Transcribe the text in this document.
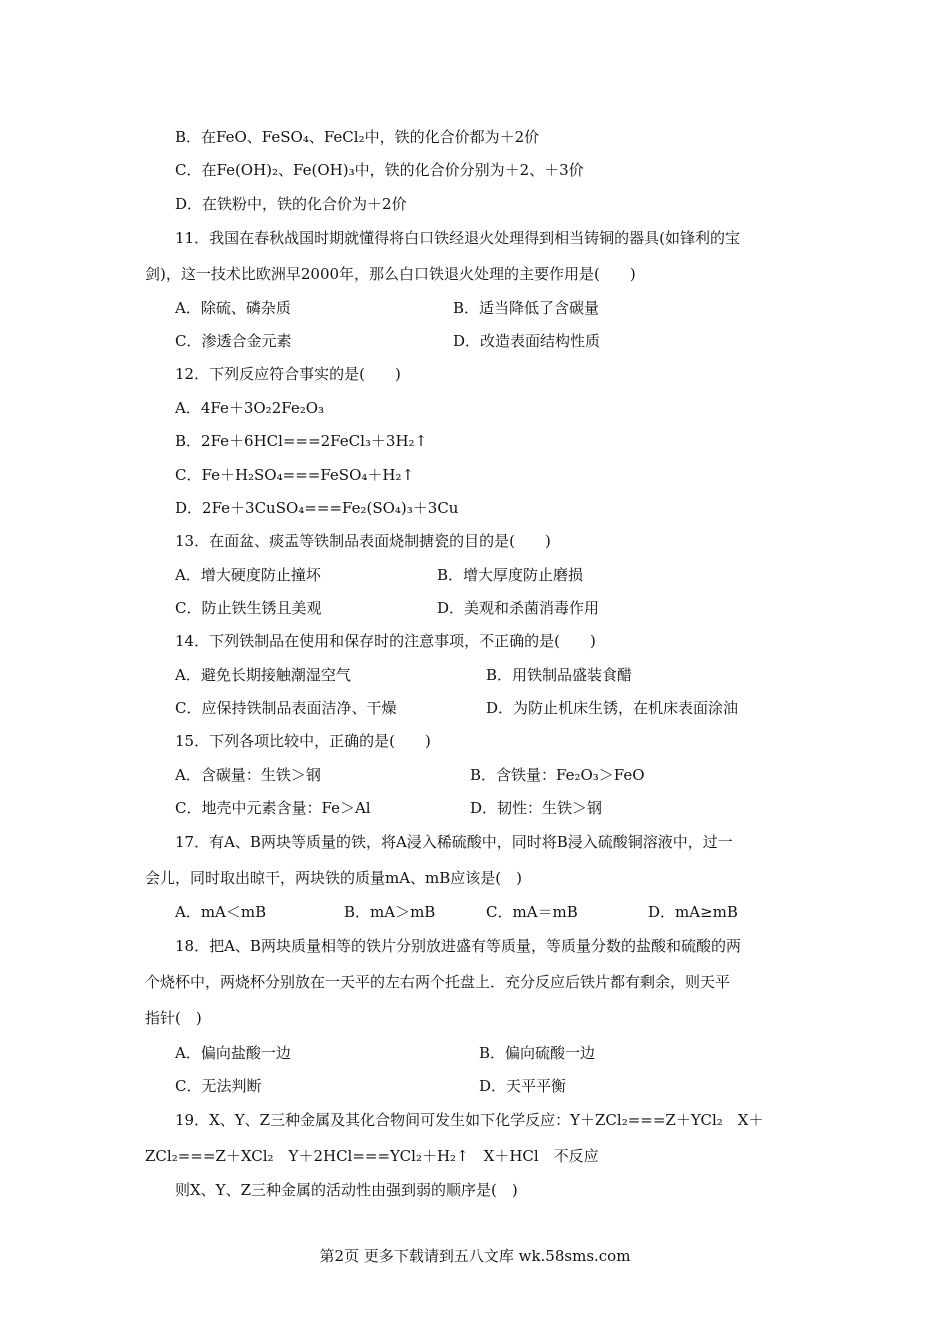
B．在FeO、FeSO₄、FeCl₂中，铁的化合价都为＋2价
C．在Fe(OH)₂、Fe(OH)₃中，铁的化合价分别为＋2、＋3价
D．在铁粉中，铁的化合价为＋2价
11．我国在春秋战国时期就懂得将白口铁经退火处理得到相当铸铜的器具(如锋利的宝
剑)，这一技术比欧洲早2000年，那么白口铁退火处理的主要作用是(　　)
A．除硫、磷杂质	B．适当降低了含碳量
C．渗透合金元素	D．改造表面结构性质
12．下列反应符合事实的是(　　)
A．4Fe＋3O₂2Fe₂O₃
B．2Fe＋6HCl===2FeCl₃＋3H₂↑
C．Fe＋H₂SO₄===FeSO₄＋H₂↑
D．2Fe＋3CuSO₄===Fe₂(SO₄)₃＋3Cu
13．在面盆、痰盂等铁制品表面烧制搪瓷的目的是(　　)
A．增大硬度防止撞坏	B．增大厚度防止磨损
C．防止铁生锈且美观	D．美观和杀菌消毒作用
14．下列铁制品在使用和保存时的注意事项，不正确的是(　　)
A．避免长期接触潮湿空气	B．用铁制品盛装食醋
C．应保持铁制品表面洁净、干燥	D．为防止机床生锈，在机床表面涂油
15．下列各项比较中，正确的是(　　)
A．含碳量：生铁＞钢	B．含铁量：Fe₂O₃＞FeO
C．地壳中元素含量：Fe＞Al	D．韧性：生铁＞钢
17．有A、B两块等质量的铁，将A浸入稀硫酸中，同时将B浸入硫酸铜溶液中，过一
会儿，同时取出晾干，两块铁的质量mA、mB应该是(　)
A．mA＜mB	B．mA＞mB	C．mA＝mB	D．mA≥mB
18．把A、B两块质量相等的铁片分别放进盛有等质量，等质量分数的盐酸和硫酸的两
个烧杯中，两烧杯分别放在一天平的左右两个托盘上．充分反应后铁片都有剩余，则天平
指针(　)
A．偏向盐酸一边	B．偏向硫酸一边
C．无法判断	D．天平平衡
19．X、Y、Z三种金属及其化合物间可发生如下化学反应：Y＋ZCl₂===Z＋YCl₂　X＋
ZCl₂===Z＋XCl₂　Y＋2HCl===YCl₂＋H₂↑　X＋HCl　不反应
则X、Y、Z三种金属的活动性由强到弱的顺序是(　)
第2页 更多下载请到五八文库 wk.58sms.com
